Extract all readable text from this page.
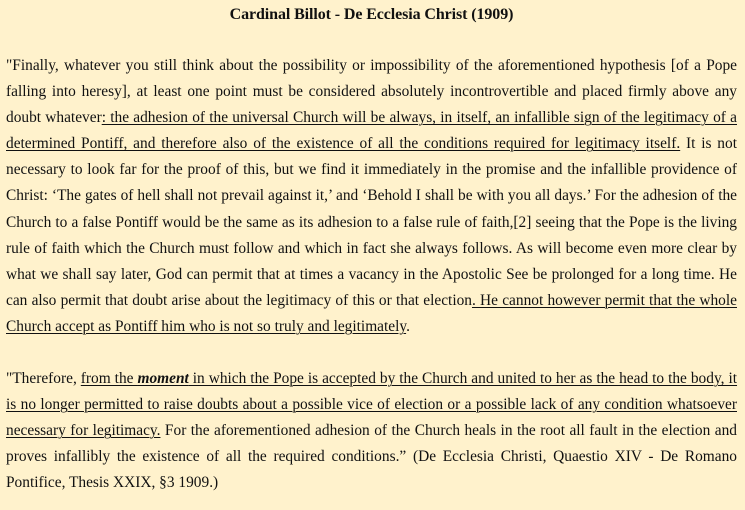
Cardinal Billot - De Ecclesia Christ (1909)

"Finally, whatever you still think about the possibility or impossibility of the aforementioned hypothesis [of a Pope falling into heresy], at least one point must be considered absolutely incontrovertible and placed firmly above any doubt whatever: the adhesion of the universal Church will be always, in itself, an infallible sign of the legitimacy of a determined Pontiff, and therefore also of the existence of all the conditions required for legitimacy itself. It is not necessary to look far for the proof of this, but we find it immediately in the promise and the infallible providence of Christ: ‘The gates of hell shall not prevail against it,’ and ‘Behold I shall be with you all days.’ For the adhesion of the Church to a false Pontiff would be the same as its adhesion to a false rule of faith,[2] seeing that the Pope is the living rule of faith which the Church must follow and which in fact she always follows. As will become even more clear by what we shall say later, God can permit that at times a vacancy in the Apostolic See be prolonged for a long time. He can also permit that doubt arise about the legitimacy of this or that election. He cannot however permit that the whole Church accept as Pontiff him who is not so truly and legitimately.

"Therefore, from the moment in which the Pope is accepted by the Church and united to her as the head to the body, it is no longer permitted to raise doubts about a possible vice of election or a possible lack of any condition whatsoever necessary for legitimacy. For the aforementioned adhesion of the Church heals in the root all fault in the election and proves infallibly the existence of all the required conditions.” (De Ecclesia Christi, Quaestio XIV - De Romano Pontifice, Thesis XXIX, §3 1909.)
